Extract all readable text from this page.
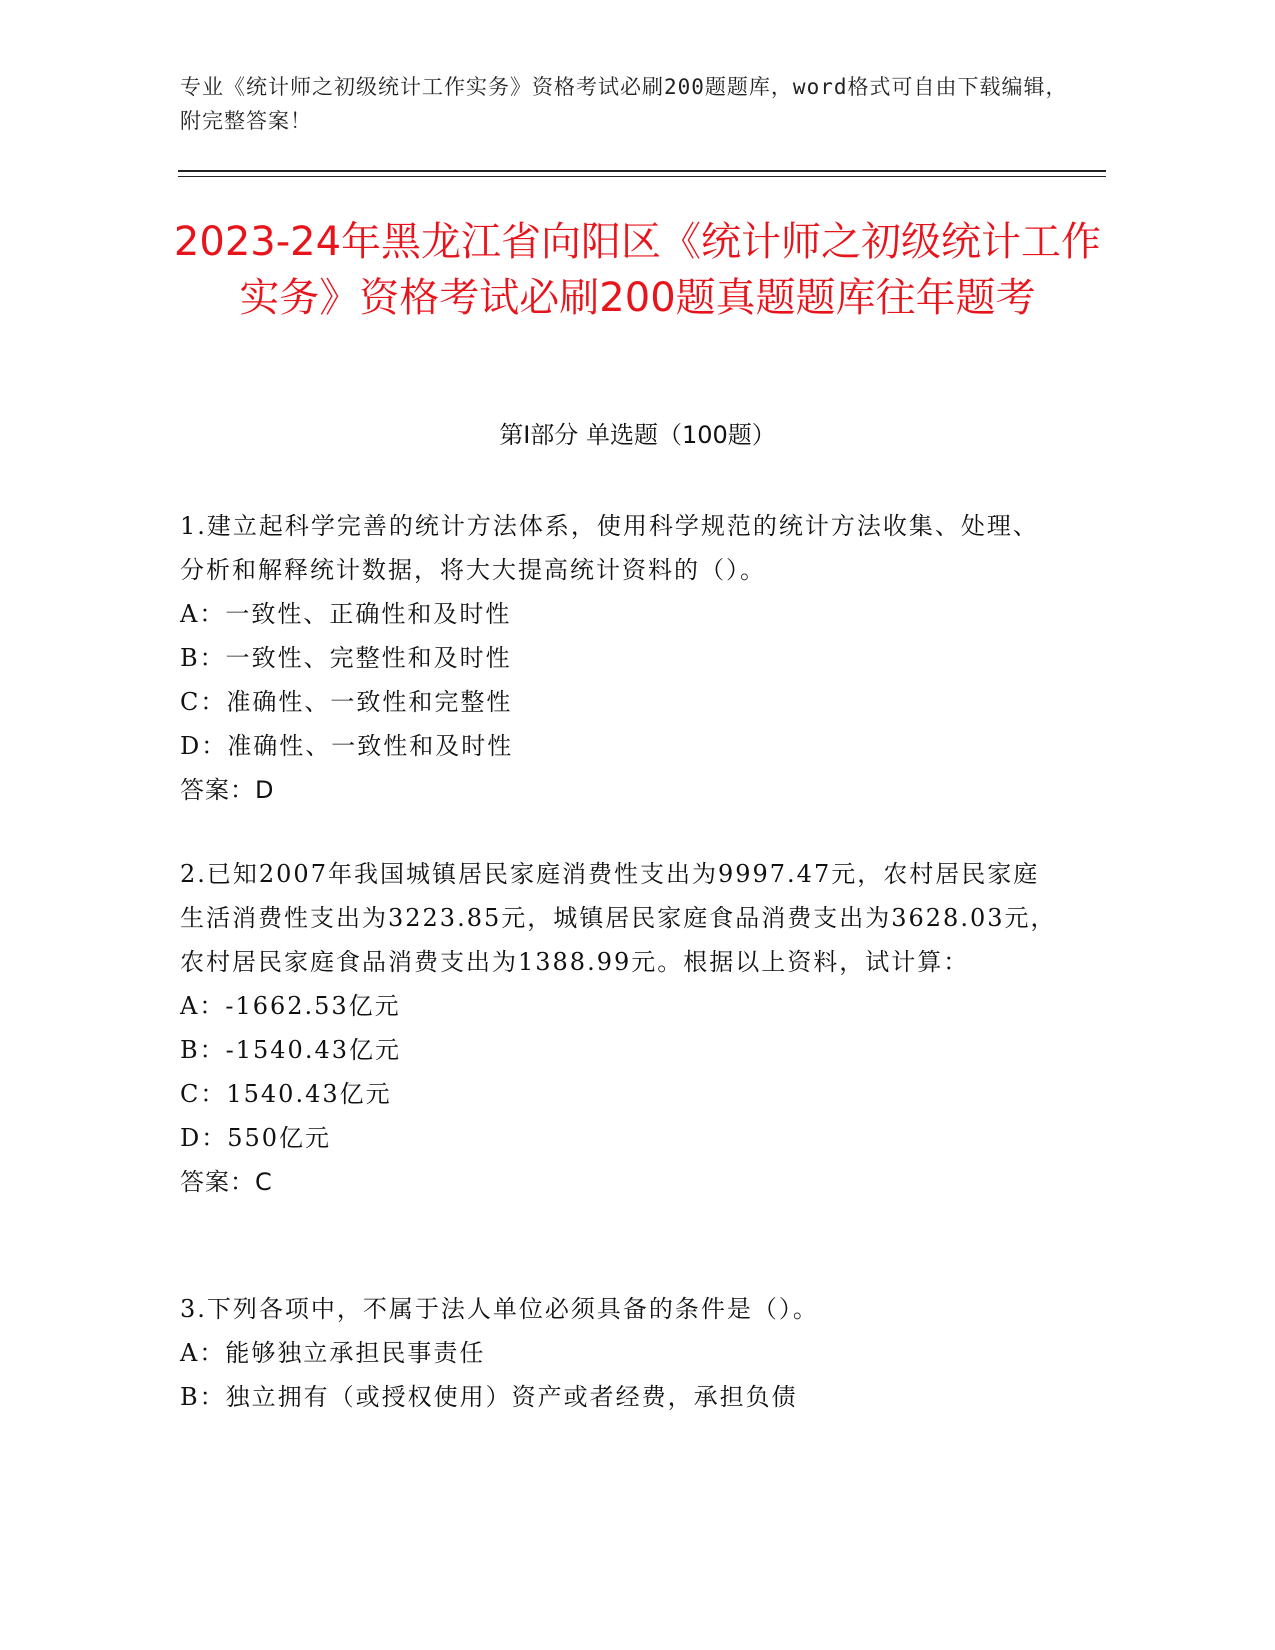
专业《统计师之初级统计工作实务》资格考试必刷200题题库，word格式可自由下载编辑，附完整答案！
2023-24年黑龙江省向阳区《统计师之初级统计工作实务》资格考试必刷200题真题题库往年题考
第Ⅰ部分 单选题（100题）
1.建立起科学完善的统计方法体系，使用科学规范的统计方法收集、处理、分析和解释统计数据，将大大提高统计资料的（）。
A：一致性、正确性和及时性
B：一致性、完整性和及时性
C：准确性、一致性和完整性
D：准确性、一致性和及时性
答案：D
2.已知2007年我国城镇居民家庭消费性支出为9997.47元，农村居民家庭生活消费性支出为3223.85元，城镇居民家庭食品消费支出为3628.03元，农村居民家庭食品消费支出为1388.99元。根据以上资料，试计算：
A：-1662.53亿元
B：-1540.43亿元
C：1540.43亿元
D：550亿元
答案：C
3.下列各项中，不属于法人单位必须具备的条件是（）。
A：能够独立承担民事责任
B：独立拥有（或授权使用）资产或者经费，承担负债
